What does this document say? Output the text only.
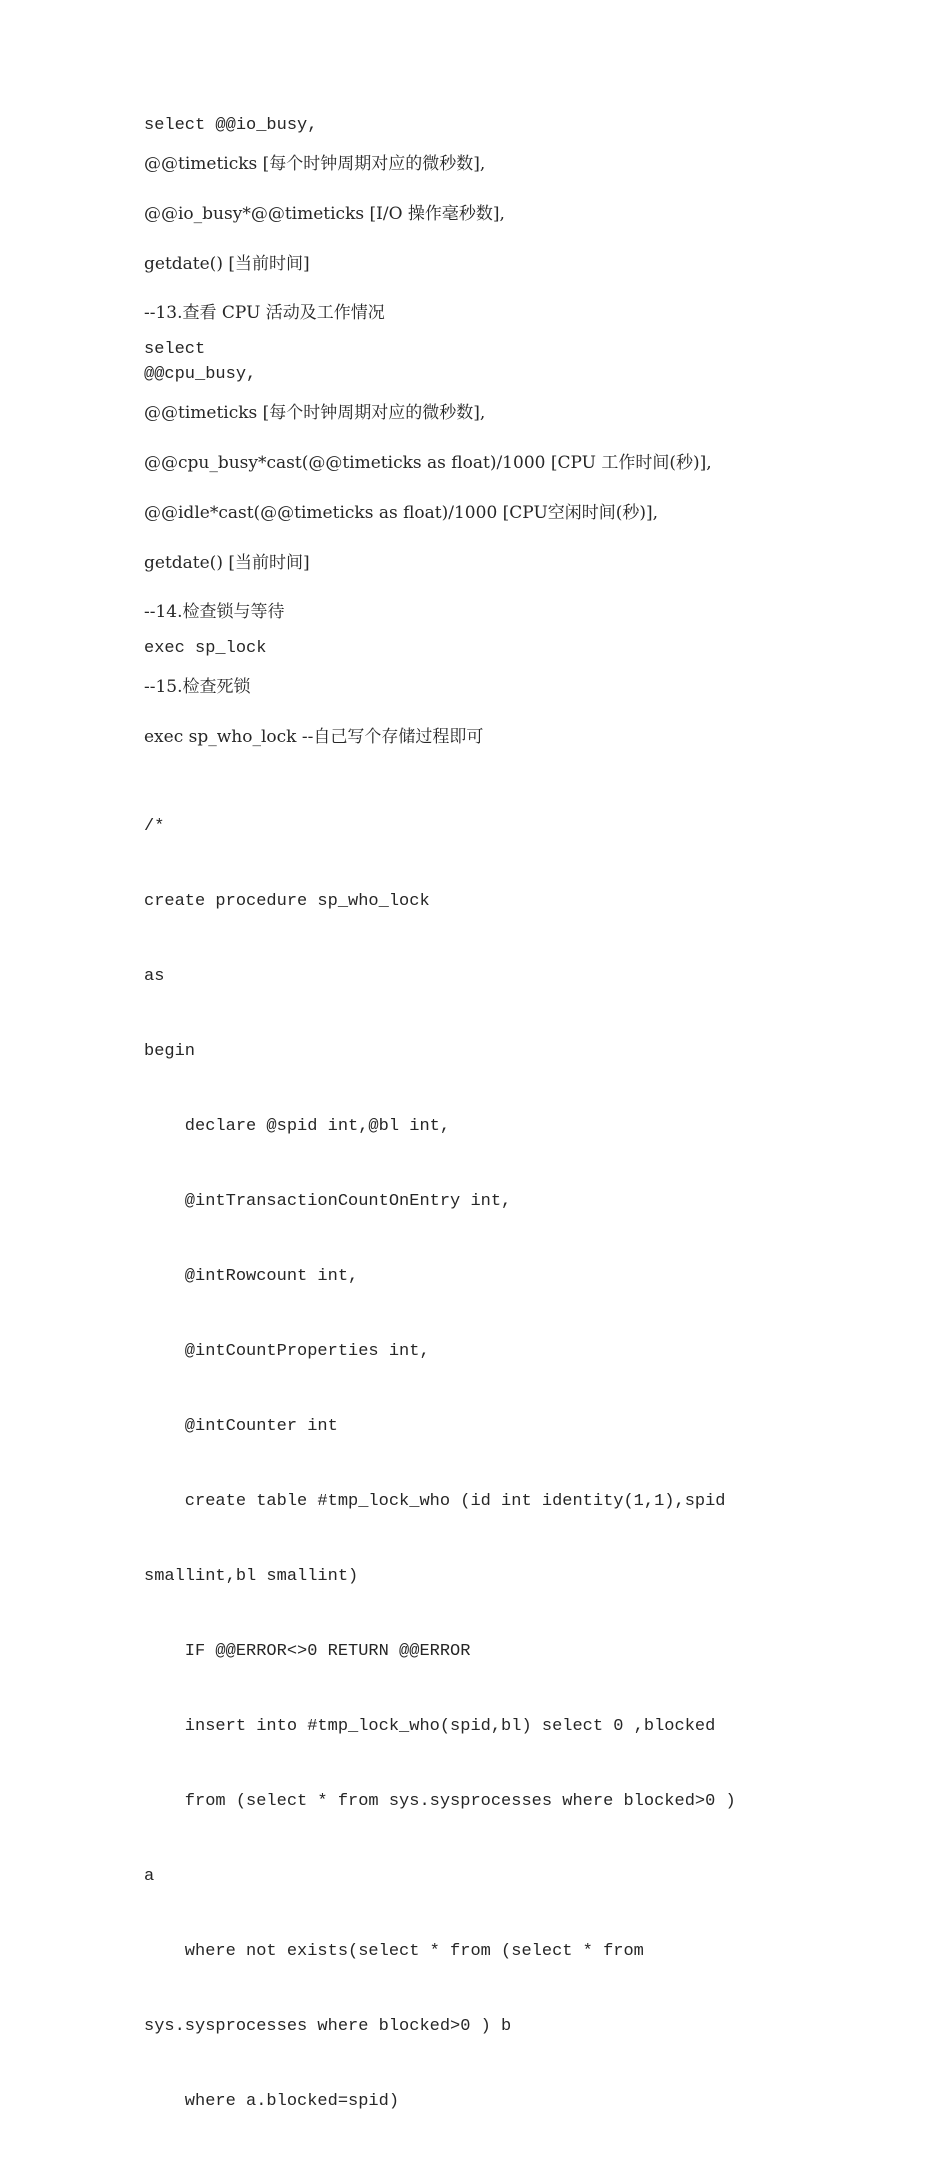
select @@io_busy,

@@timeticks [每个时钟周期对应的微秒数],

@@io_busy*@@timeticks [I/O 操作毫秒数],

getdate() [当前时间]

--13.查看 CPU 活动及工作情况

select

@@cpu_busy,

@@timeticks [每个时钟周期对应的微秒数],

@@cpu_busy*cast(@@timeticks as float)/1000 [CPU 工作时间(秒)],

@@idle*cast(@@timeticks as float)/1000 [CPU空闲时间(秒)],

getdate() [当前时间]

--14.检查锁与等待

exec sp_lock

--15.检查死锁

exec sp_who_lock --自己写个存储过程即可

/*

create procedure sp_who_lock

as

begin

declare @spid int,@bl int,

@intTransactionCountOnEntry int,

@intRowcount int,

@intCountProperties int,

@intCounter int

create table #tmp_lock_who (id int identity(1,1),spid

smallint,bl smallint)

IF @@ERROR<>0 RETURN @@ERROR

insert into #tmp_lock_who(spid,bl) select 0 ,blocked

from (select * from sys.sysprocesses where blocked>0 )

a

where not exists(select * from (select * from

sys.sysprocesses where blocked>0 ) b

where a.blocked=spid)
